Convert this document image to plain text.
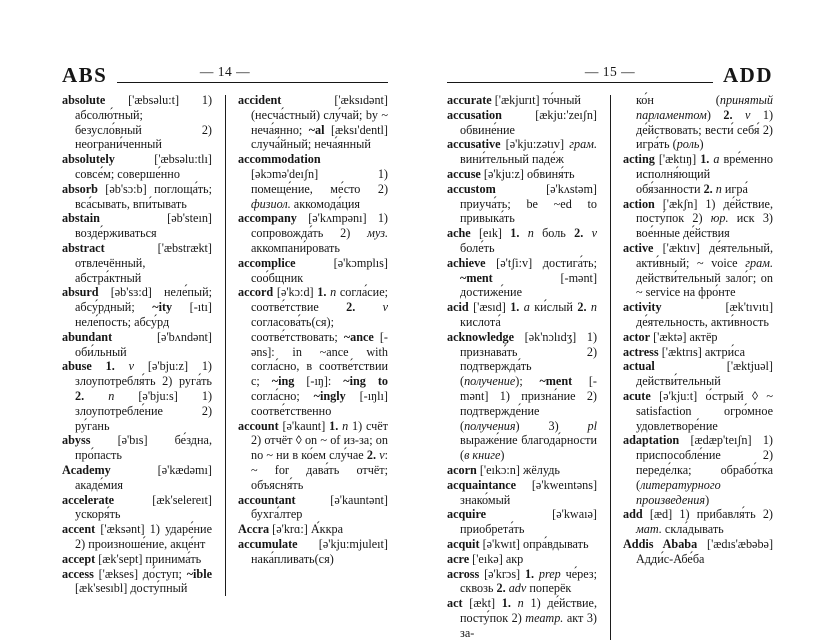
ABS	— 14 —

absolute ['æbsəlu:t] 1) абсолю́тный; безусло́вный 2) неограни́ченный

absolutely ['æbsəlu:tlı] совсе́м; соверше́нно

absorb [əb'sɔ:b] поглоща́ть; вса́сывать, впи́тывать

abstain [əb'steın] возде́рживаться

abstract ['æbstrækt] отвлечённый, абстра́ктный

absurd [əb'sɜ:d] неле́пый; абсу́рдный; ~ity [-ıtı] неле́пость; абсу́рд

abundant [ə'bʌndənt] оби́льный

abuse 1. v [ə'bju:z] 1) злоупотребля́ть 2) руга́ть 2. n [ə'bju:s] 1) злоупотребле́ние 2) ру́гань

abyss [ə'bıs] бе́здна, про́пасть

Academy [ə'kædəmı] акаде́мия

accelerate [æk'selereıt] ускоря́ть

accent ['æksənt] 1) ударе́ние 2) произноше́ние, акце́нт

accept [æk'sept] принима́ть

access ['ækses] до́ступ; ~ible [æk'sesıbl] досту́пный

accident ['æksıdənt] (несча́стный) слу́чай; by ~ неча́янно; ~al [æksı'dentl] случа́йный; неча́янный

accommodation [əkɔmə'deıʃn] 1) помеще́ние, ме́сто 2) физиол. аккомода́ция

accompany [ə'kʌmpənı] 1) сопровожда́ть 2) муз. аккомпани́ровать

accomplice [ə'kɔmplıs] соо́бщник

accord [ə'kɔ:d] 1. n согла́сие; соотве́тствие 2. v согласова́ть(ся); соотве́тствовать; ~ance [-əns]: in ~ance with согла́сно, в соотве́тствии с; ~ing [-ıŋ]: ~ing to согла́сно; ~ingly [-ıŋlı] соотве́тственно

account [ə'kaunt] 1. n 1) счёт 2) отчёт ◊ on ~ of из-за; on no ~ ни в ко́ем слу́чае 2. v: ~ for дава́ть отчёт; объясня́ть

accountant [ə'kauntənt] бухга́лтер

Accra [ə'krɑ:] А́ккра

accumulate [ə'kju:mjuleıt] нака́пливать(ся)

ADD
— 15 —

accurate ['ækjurıt] то́чный

accusation [ækju:'zeıʃn] обвине́ние

accusative [ə'kju:zətıv] грам. вини́тельный паде́ж

accuse [ə'kju:z] обвиня́ть

accustom [ə'kʌstəm] приуча́ть; be ~ed to привыка́ть

ache [eık] 1. n боль 2. v боле́ть

achieve [ə'tʃi:v] достига́ть; ~ment [-mənt] достиже́ние

acid ['æsıd] 1. a ки́слый 2. n кислота́

acknowledge [ək'nɔlıdʒ] 1) признава́ть 2) подтвержда́ть (получение); ~ment [-mənt] 1) призна́ние 2) подтвержде́ние (получения) 3) pl выраже́ние благода́рности (в книге)

acorn ['eıkɔ:n] жёлудь

acquaintance [ə'kweıntəns] знако́мый

acquire [ə'kwaıə] приобрета́ть

acquit [ə'kwıt] опра́вдывать

acre ['eıkə] акр

across [ə'krɔs] 1. prep че́рез; сквозь 2. adv поперёк

act [ækt] 1. n 1) де́йствие, посту́пок 2) театр. акт 3) за-

ко́н (принятый парламентом) 2. v 1) де́йствовать; вести́ себя́ 2) игра́ть (роль)

acting ['æktıŋ] 1. a вре́менно исполня́ющий обя́занности 2. n игра́

action ['ækʃn] 1) де́йствие, посту́пок 2) юр. иск 3) вое́нные де́йствия

active ['æktıv] де́ятельный, акти́вный; ~ voice грам. действи́тельный зало́г; on ~ service на фро́нте

activity [æk'tıvıtı] де́ятельность, акти́вность

actor ['æktə] актёр

actress ['æktrıs] актри́са

actual ['æktjuəl] действи́тельный

acute [ə'kju:t] о́стрый ◊ ~ satisfaction огро́мное удовлетворе́ние

adaptation [ædæp'teıʃn] 1) приспособле́ние 2) переде́лка; обрабо́тка (литературного произведения)

add [æd] 1) прибавля́ть 2) мат. скла́дывать

Addis Ababa ['ædıs'æbəbə] Адди́с-Абе́ба
